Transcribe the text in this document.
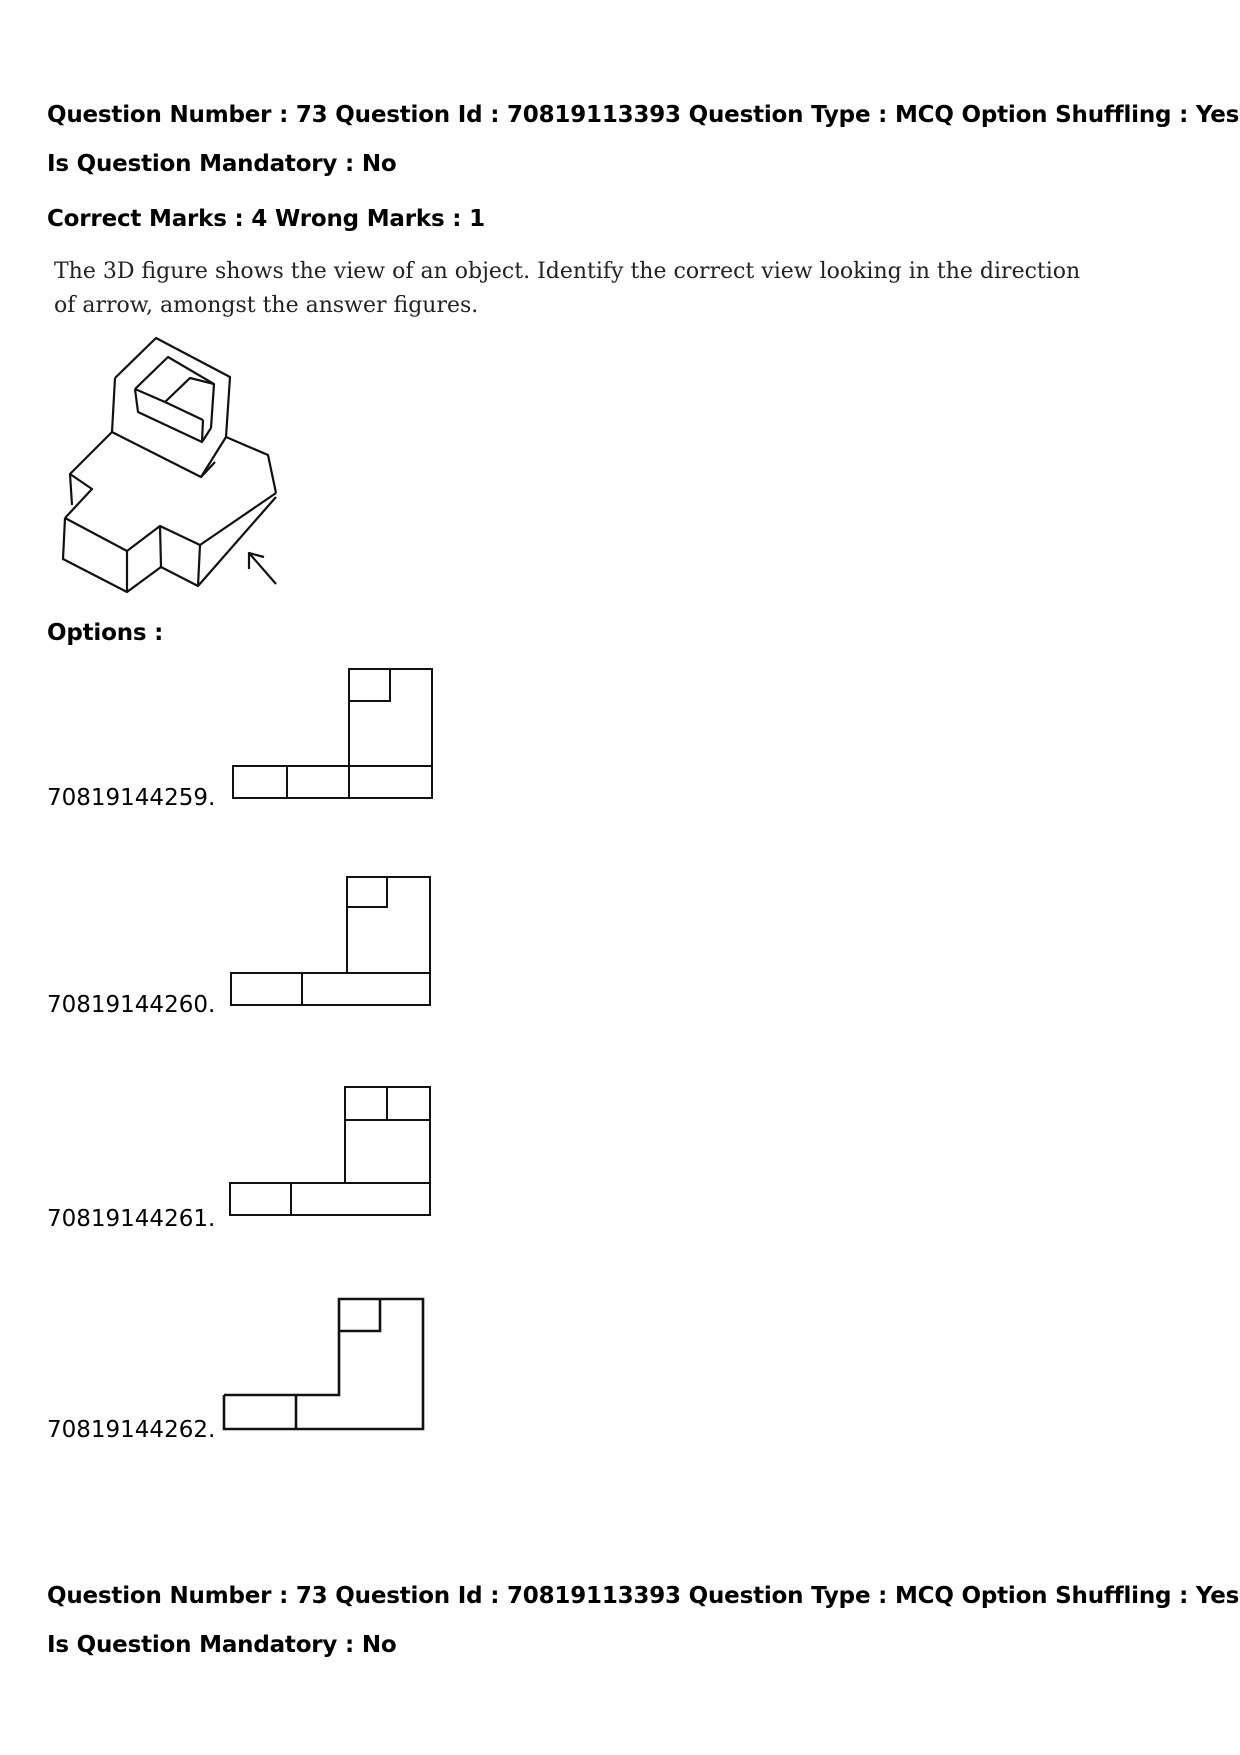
Question Number : 73 Question Id : 70819113393 Question Type : MCQ Option Shuffling : Yes
Is Question Mandatory : No
Correct Marks : 4 Wrong Marks : 1
The 3D figure shows the view of an object. Identify the correct view looking in the direction
of arrow, amongst the answer figures.
Options :
70819144259.
70819144260.
70819144261.
70819144262.
Question Number : 73 Question Id : 70819113393 Question Type : MCQ Option Shuffling : Yes
Is Question Mandatory : No
